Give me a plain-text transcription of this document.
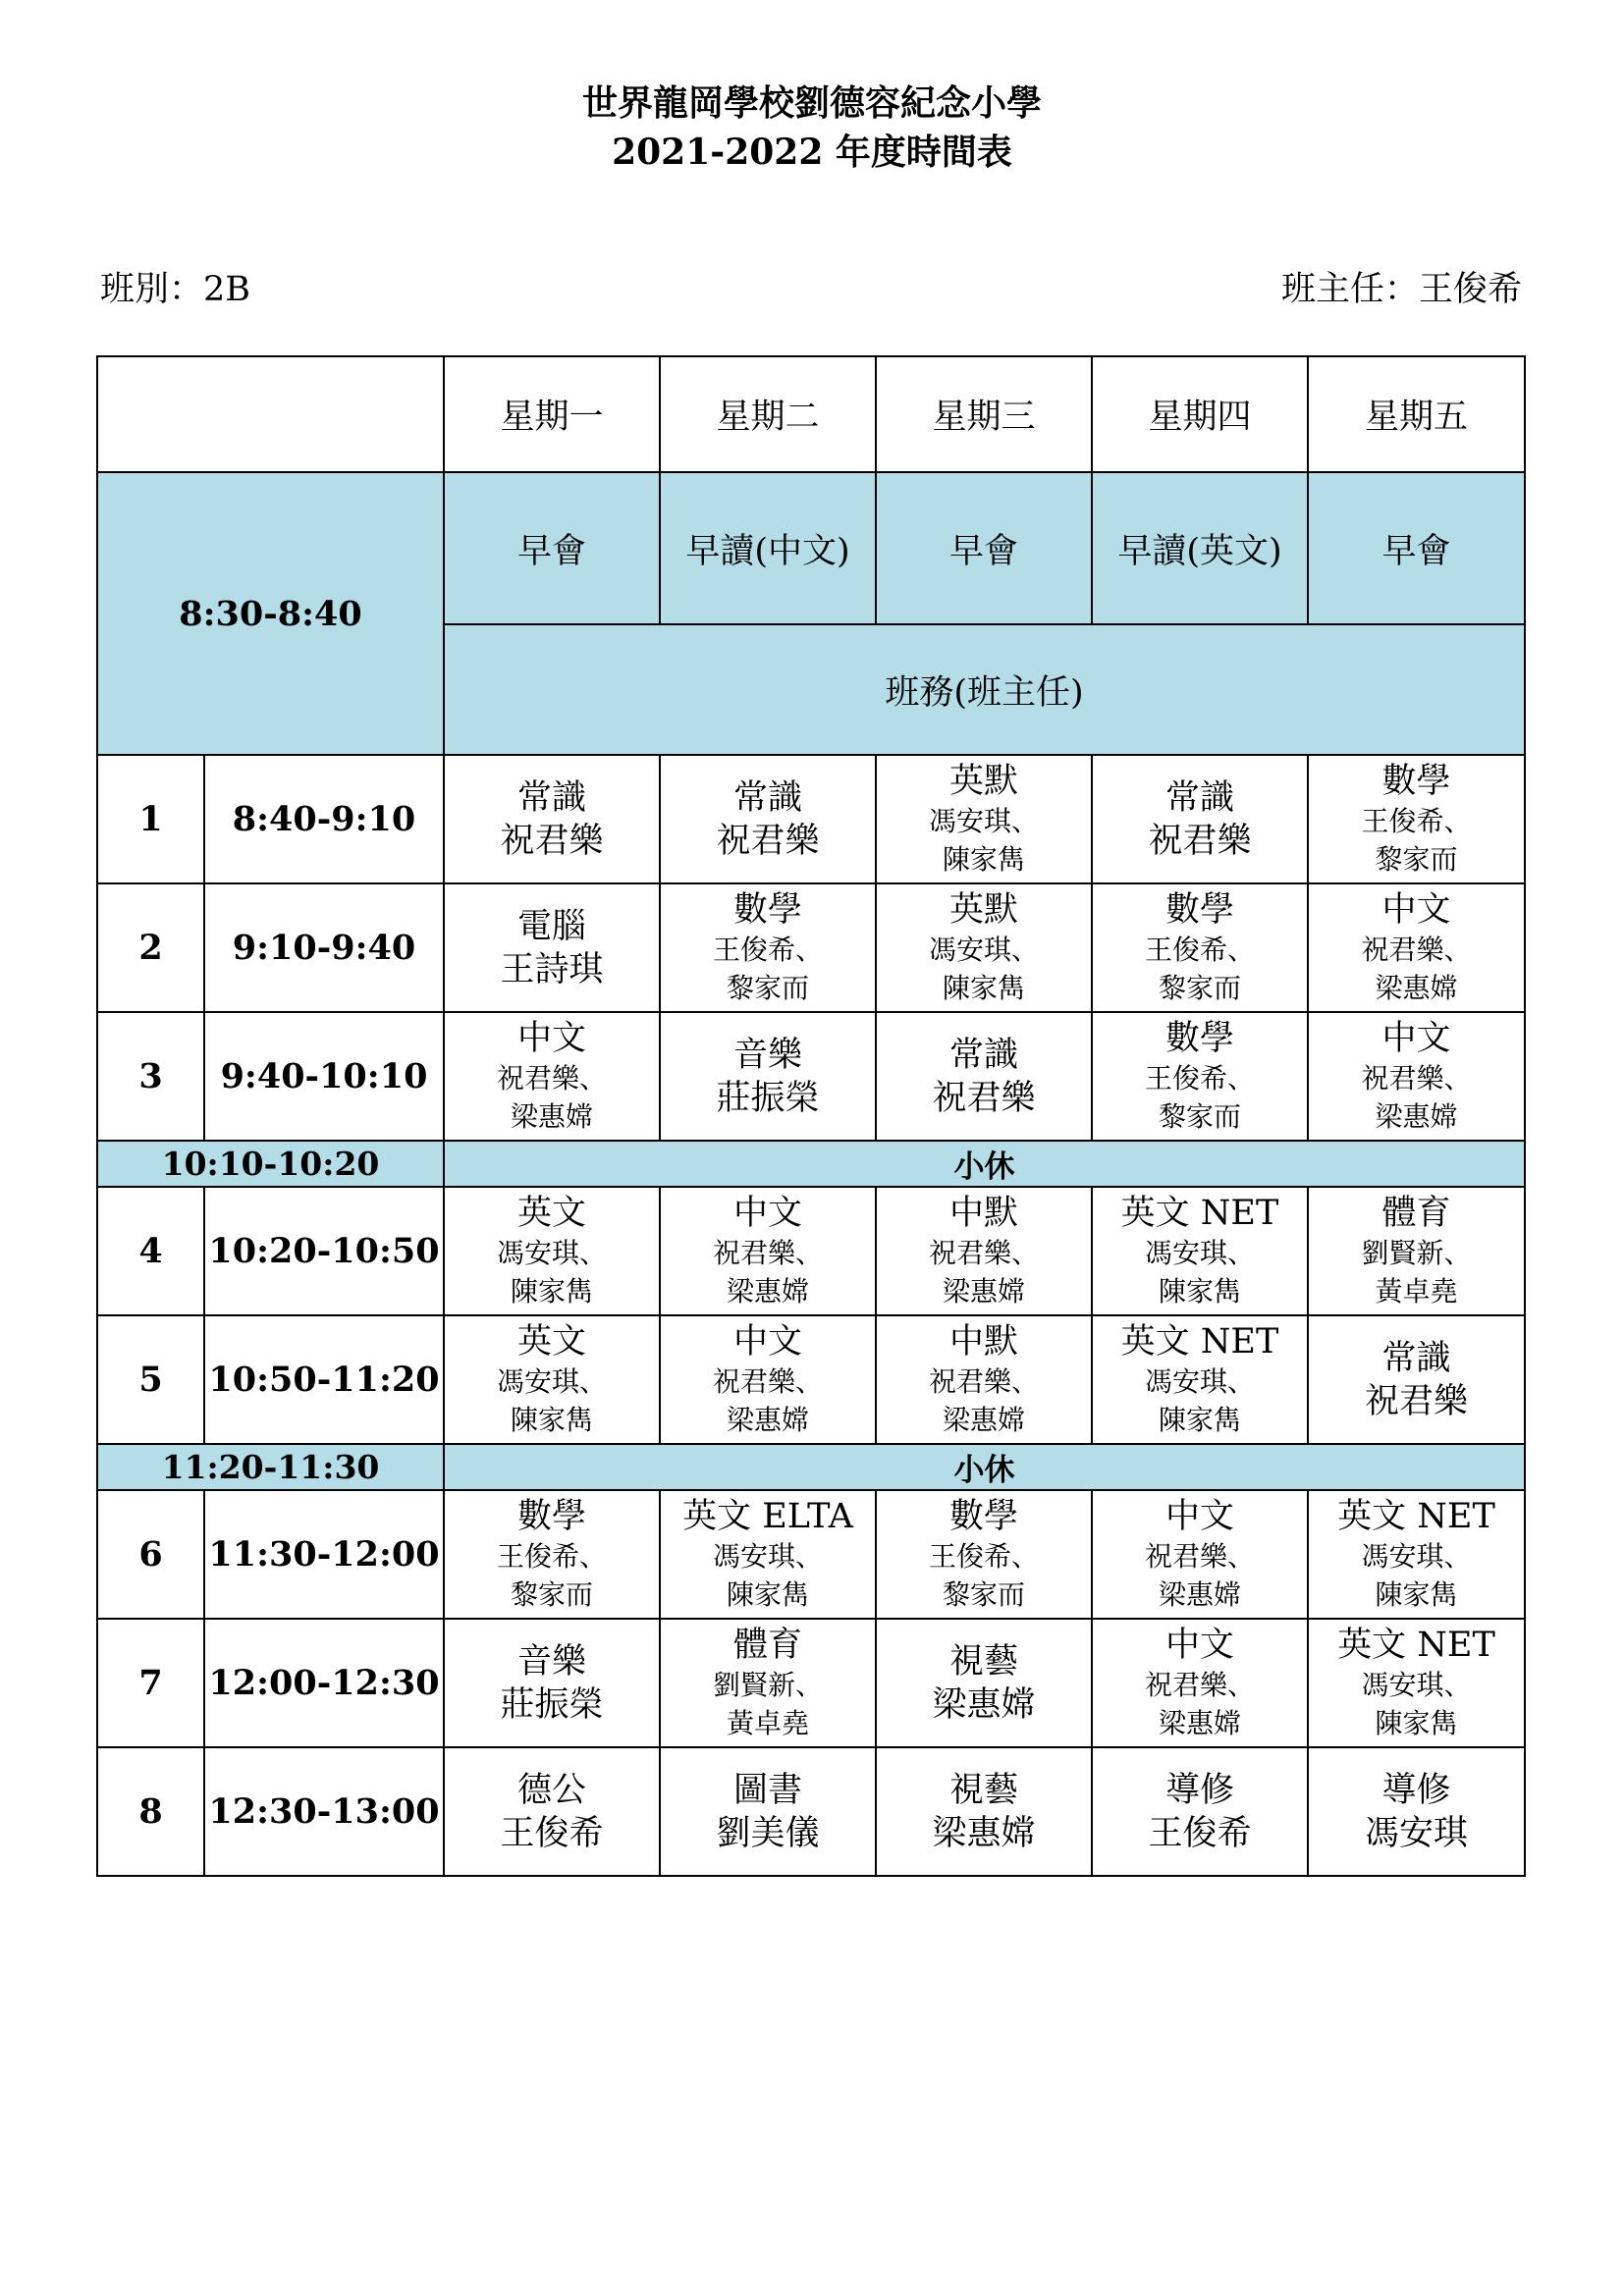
世界龍岡學校劉德容紀念小學
2021-2022 年度時間表
班別：2B	班主任：王俊希
		星期一	星期二	星期三	星期四	星期五
8:30-8:40		早會	早讀(中文)	早會	早讀(英文)	早會
		班務(班主任)				
1	8:40-9:10	常識
祝君樂	常識
祝君樂	英默
馮安琪、
陳家雋	常識
祝君樂	數學
王俊希、
黎家而

2	9:10-9:40	電腦
王詩琪	數學
王俊希、
黎家而	英默
馮安琪、
陳家雋	數學
王俊希、
黎家而	中文
祝君樂、
梁惠嫦

3	9:40-10:10	中文
祝君樂、
梁惠嫦	音樂
莊振榮	常識
祝君樂	數學
王俊希、
黎家而	中文
祝君樂、
梁惠嫦

10:10-10:20		小休				
4	10:20-10:50	英文
馮安琪、
陳家雋	中文
祝君樂、
梁惠嫦	中默
祝君樂、
梁惠嫦	英文 NET
馮安琪、
陳家雋	體育
劉賢新、
黃卓堯

5	10:50-11:20	英文
馮安琪、
陳家雋	中文
祝君樂、
梁惠嫦	中默
祝君樂、
梁惠嫦	英文 NET
馮安琪、
陳家雋	常識
祝君樂

11:20-11:30		小休				
6	11:30-12:00	數學
王俊希、
黎家而	英文 ELTA
馮安琪、
陳家雋	數學
王俊希、
黎家而	中文
祝君樂、
梁惠嫦	英文 NET
馮安琪、
陳家雋

7	12:00-12:30	音樂
莊振榮	體育
劉賢新、
黃卓堯	視藝
梁惠嫦	中文
祝君樂、
梁惠嫦	英文 NET
馮安琪、
陳家雋

8	12:30-13:00	德公
王俊希	圖書
劉美儀	視藝
梁惠嫦	導修
王俊希	導修
馮安琪
